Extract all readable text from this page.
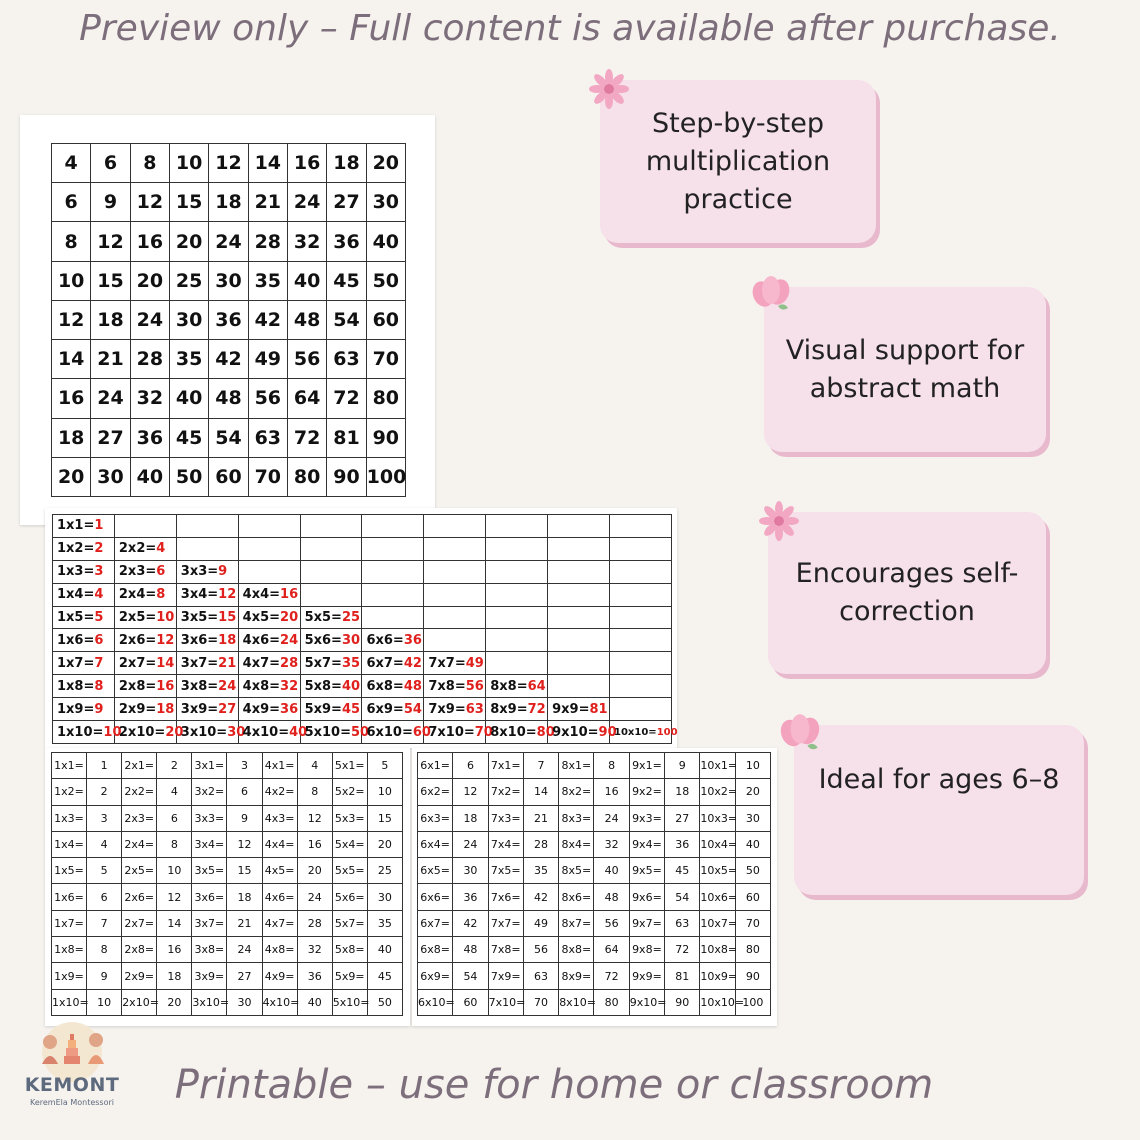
Preview only – Full content is available after purchase.
4	6	8	10	12	14	16	18	20
6	9	12	15	18	21	24	27	30
8	12	16	20	24	28	32	36	40
10	15	20	25	30	35	40	45	50
12	18	24	30	36	42	48	54	60
14	21	28	35	42	49	56	63	70
16	24	32	40	48	56	64	72	80
18	27	36	45	54	63	72	81	90
20	30	40	50	60	70	80	90	100
1x1=1									
1x2=2	2x2=4								
1x3=3	2x3=6	3x3=9							
1x4=4	2x4=8	3x4=12	4x4=16						
1x5=5	2x5=10	3x5=15	4x5=20	5x5=25					
1x6=6	2x6=12	3x6=18	4x6=24	5x6=30	6x6=36				
1x7=7	2x7=14	3x7=21	4x7=28	5x7=35	6x7=42	7x7=49			
1x8=8	2x8=16	3x8=24	4x8=32	5x8=40	6x8=48	7x8=56	8x8=64		
1x9=9	2x9=18	3x9=27	4x9=36	5x9=45	6x9=54	7x9=63	8x9=72	9x9=81	
1x10=10	2x10=20	3x10=30	4x10=40	5x10=50	6x10=60	7x10=70	8x10=80	9x10=90	10x10=100
1x1=	1	2x1=	2	3x1=	3	4x1=	4	5x1=	5
1x2=	2	2x2=	4	3x2=	6	4x2=	8	5x2=	10
1x3=	3	2x3=	6	3x3=	9	4x3=	12	5x3=	15
1x4=	4	2x4=	8	3x4=	12	4x4=	16	5x4=	20
1x5=	5	2x5=	10	3x5=	15	4x5=	20	5x5=	25
1x6=	6	2x6=	12	3x6=	18	4x6=	24	5x6=	30
1x7=	7	2x7=	14	3x7=	21	4x7=	28	5x7=	35
1x8=	8	2x8=	16	3x8=	24	4x8=	32	5x8=	40
1x9=	9	2x9=	18	3x9=	27	4x9=	36	5x9=	45
1x10=	10	2x10=	20	3x10=	30	4x10=	40	5x10=	50
6x1=	6	7x1=	7	8x1=	8	9x1=	9	10x1=	10
6x2=	12	7x2=	14	8x2=	16	9x2=	18	10x2=	20
6x3=	18	7x3=	21	8x3=	24	9x3=	27	10x3=	30
6x4=	24	7x4=	28	8x4=	32	9x4=	36	10x4=	40
6x5=	30	7x5=	35	8x5=	40	9x5=	45	10x5=	50
6x6=	36	7x6=	42	8x6=	48	9x6=	54	10x6=	60
6x7=	42	7x7=	49	8x7=	56	9x7=	63	10x7=	70
6x8=	48	7x8=	56	8x8=	64	9x8=	72	10x8=	80
6x9=	54	7x9=	63	8x9=	72	9x9=	81	10x9=	90
6x10=	60	7x10=	70	8x10=	80	9x10=	90	10x10=	100
Step-by-step
multiplication
practice
Visual support for
abstract math
Encourages self-
correction
Ideal for ages 6–8
KEMONT
KeremEla Montessori	Printable – use for home or classroom
